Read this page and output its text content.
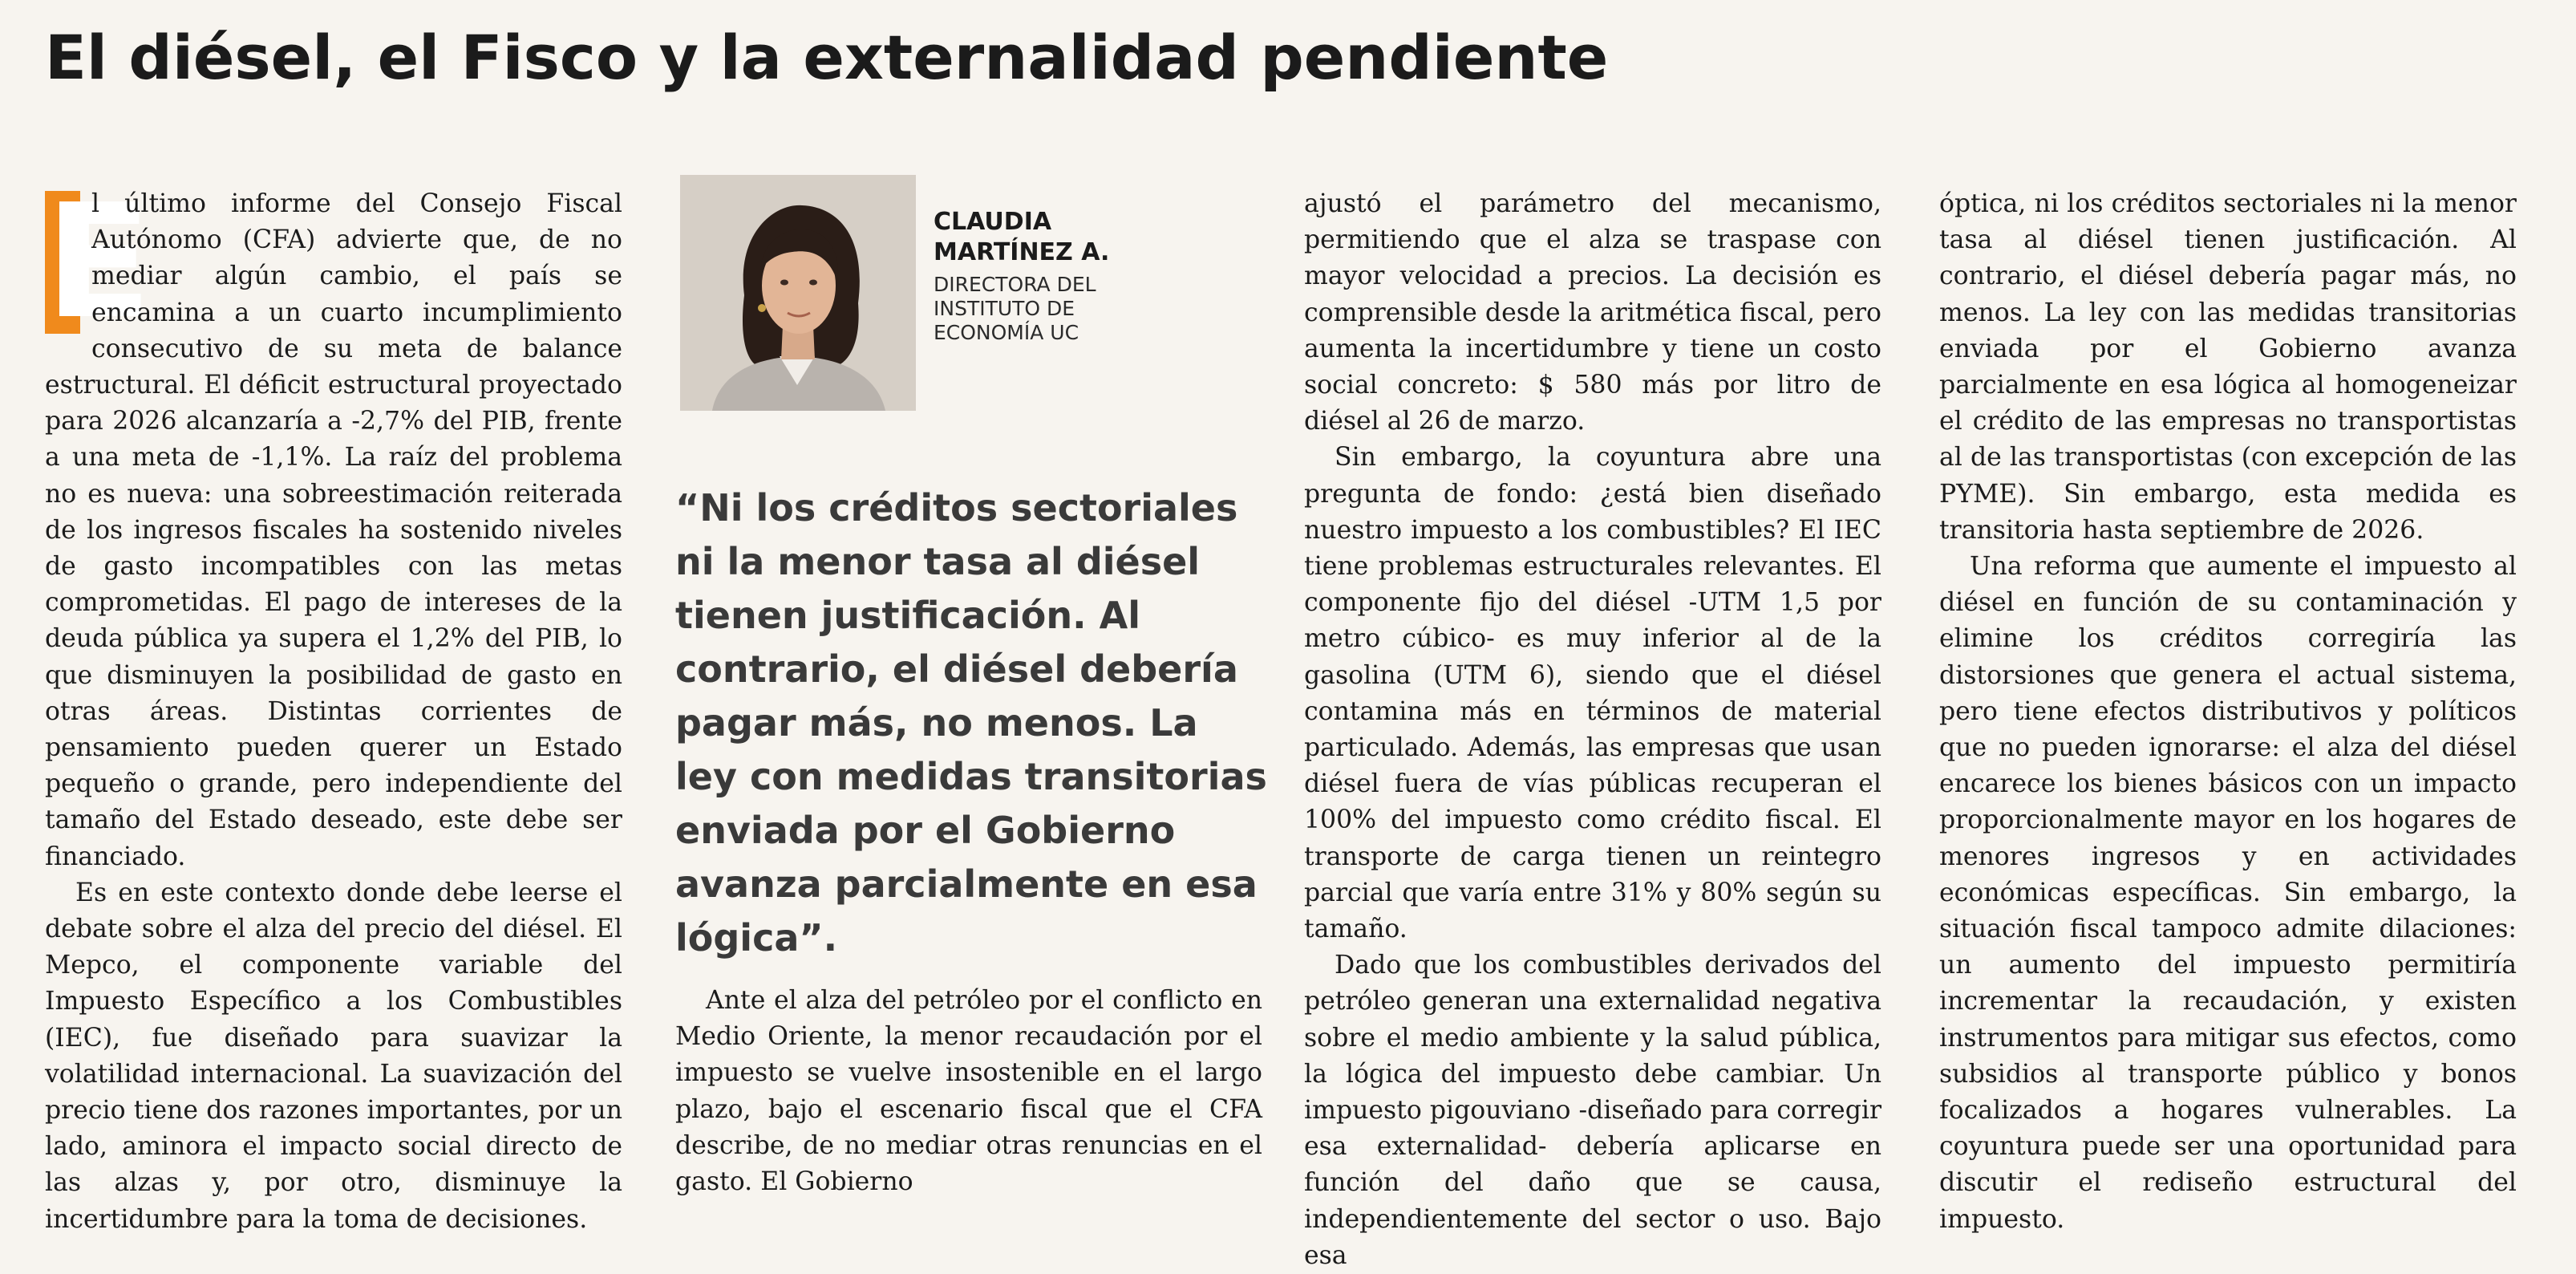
El diésel, el Fisco y la externalidad pendiente

E
l último informe del Consejo Fiscal Autónomo (CFA) advierte que, de no mediar algún cambio, el país se encamina a un cuarto incumplimiento consecutivo de su meta de balance estructural. El déficit estructural proyectado para 2026 alcanzaría a -2,7% del PIB, frente a una meta de -1,1%. La raíz del problema no es nueva: una sobreestimación reiterada de los ingresos fiscales ha sostenido niveles de gasto incompatibles con las metas comprometidas. El pago de intereses de la deuda pública ya supera el 1,2% del PIB, lo que disminuyen la posibilidad de gasto en otras áreas. Distintas corrientes de pensamiento pueden querer un Estado pequeño o grande, pero independiente del tamaño del Estado deseado, este debe ser financiado.

Es en este contexto donde debe leerse el debate sobre el alza del precio del diésel. El Mepco, el componente variable del Impuesto Específico a los Combustibles (IEC), fue diseñado para suavizar la volatilidad internacional. La suavización del precio tiene dos razones importantes, por un lado, aminora el impacto social directo de las alzas y, por otro, disminuye la incertidumbre para la toma de decisiones.

CLAUDIA
MARTÍNEZ A.
DIRECTORA DEL
INSTITUTO DE
ECONOMÍA UC

“Ni los créditos sectoriales ni la menor tasa al diésel tienen justificación. Al contrario, el diésel debería pagar más, no menos. La ley con medidas transitorias enviada por el Gobierno avanza parcialmente en esa lógica”.

Ante el alza del petróleo por el conflicto en Medio Oriente, la menor recaudación por el impuesto se vuelve insostenible en el largo plazo, bajo el escenario fiscal que el CFA describe, de no mediar otras renuncias en el gasto. El Gobierno

ajustó el parámetro del mecanismo, permitiendo que el alza se traspase con mayor velocidad a precios. La decisión es comprensible desde la aritmética fiscal, pero aumenta la incertidumbre y tiene un costo social concreto: $ 580 más por litro de diésel al 26 de marzo.

Sin embargo, la coyuntura abre una pregunta de fondo: ¿está bien diseñado nuestro impuesto a los combustibles? El IEC tiene problemas estructurales relevantes. El componente fijo del diésel -UTM 1,5 por metro cúbico- es muy inferior al de la gasolina (UTM 6), siendo que el diésel contamina más en términos de material particulado. Además, las empresas que usan diésel fuera de vías públicas recuperan el 100% del impuesto como crédito fiscal. El transporte de carga tienen un reintegro parcial que varía entre 31% y 80% según su tamaño.

Dado que los combustibles derivados del petróleo generan una externalidad negativa sobre el medio ambiente y la salud pública, la lógica del impuesto debe cambiar. Un impuesto pigouviano -diseñado para corregir esa externalidad- debería aplicarse en función del daño que se causa, independientemente del sector o uso. Bajo esa

óptica, ni los créditos sectoriales ni la menor tasa al diésel tienen justificación. Al contrario, el diésel debería pagar más, no menos. La ley con las medidas transitorias enviada por el Gobierno avanza parcialmente en esa lógica al homogeneizar el crédito de las empresas no transportistas al de las transportistas (con excepción de las PYME). Sin embargo, esta medida es transitoria hasta septiembre de 2026.

Una reforma que aumente el impuesto al diésel en función de su contaminación y elimine los créditos corregiría las distorsiones que genera el actual sistema, pero tiene efectos distributivos y políticos que no pueden ignorarse: el alza del diésel encarece los bienes básicos con un impacto proporcionalmente mayor en los hogares de menores ingresos y en actividades económicas específicas. Sin embargo, la situación fiscal tampoco admite dilaciones: un aumento del impuesto permitiría incrementar la recaudación, y existen instrumentos para mitigar sus efectos, como subsidios al transporte público y bonos focalizados a hogares vulnerables. La coyuntura puede ser una oportunidad para discutir el rediseño estructural del impuesto.
